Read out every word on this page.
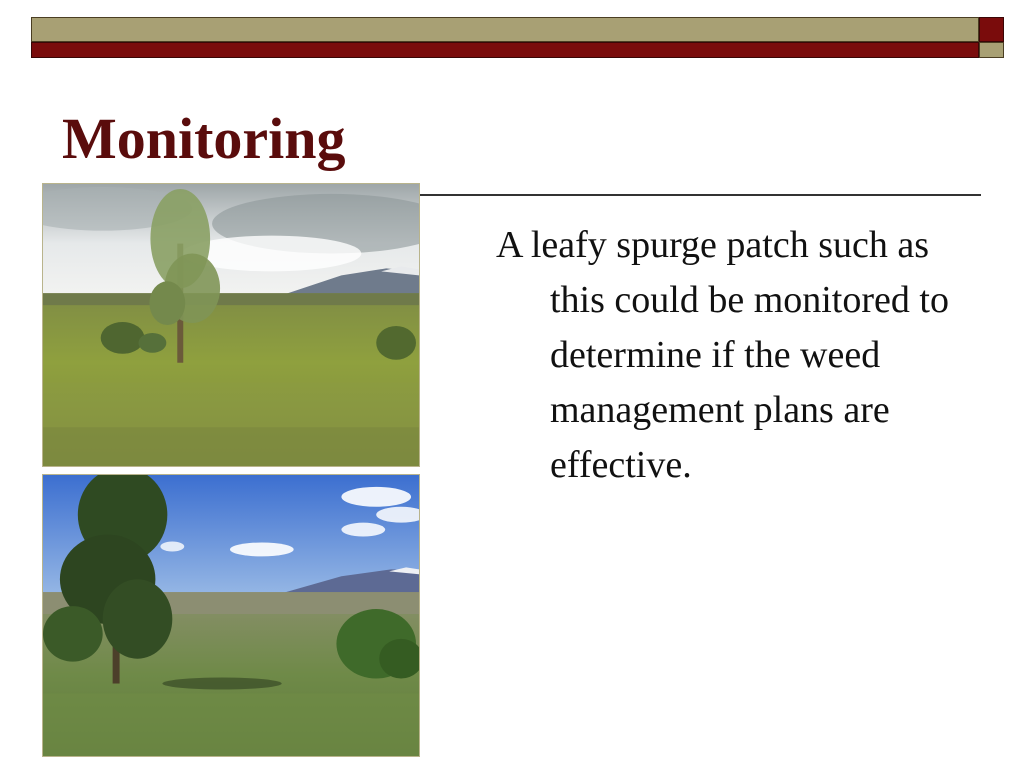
Monitoring

A leafy spurge patch such as this could be monitored to determine if the weed management plans are effective.
